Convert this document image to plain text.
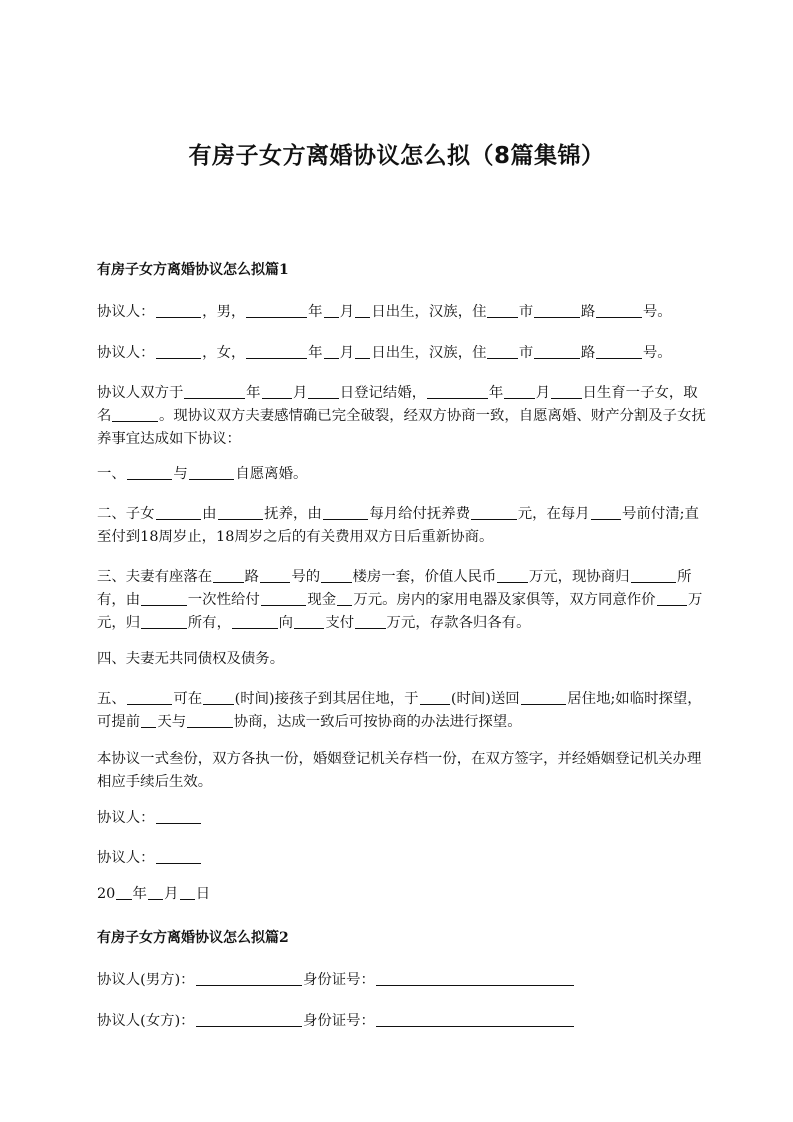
有房子女方离婚协议怎么拟（8篇集锦）
有房子女方离婚协议怎么拟篇1
协议人：	，男，	年 月 日出生，汉族，住 市	路	号。
协议人：	，女，	年 月 日出生，汉族，住 市	路	号。
协议人双方于	年 月 日登记结婚，	年 月 日生育一子女，取名	。现协议双方夫妻感情确已完全破裂，经双方协商一致，自愿离婚、财产分割及子女抚养事宜达成如下协议：
一、	与	自愿离婚。
二、子女	由	抚养，由	每月给付抚养费	元，在每月 号前付清;直至付到18周岁止，18周岁之后的有关费用双方日后重新协商。
三、夫妻有座落在 路 号的 楼房一套，价值人民币 万元，现协商归	所有，由	一次性给付	现金 万元。房内的家用电器及家俱等，双方同意作价 万元，归	所有，	向 支付 万元，存款各归各有。
四、夫妻无共同债权及债务。
五、	可在 (时间)接孩子到其居住地，于 (时间)送回	居住地;如临时探望，可提前 天与	协商，达成一致后可按协商的办法进行探望。
本协议一式叁份，双方各执一份，婚姻登记机关存档一份，在双方签字，并经婚姻登记机关办理相应手续后生效。
协议人：
协议人：
20 年 月 日
有房子女方离婚协议怎么拟篇2
协议人(男方)：	身份证号：
协议人(女方)：	身份证号：
